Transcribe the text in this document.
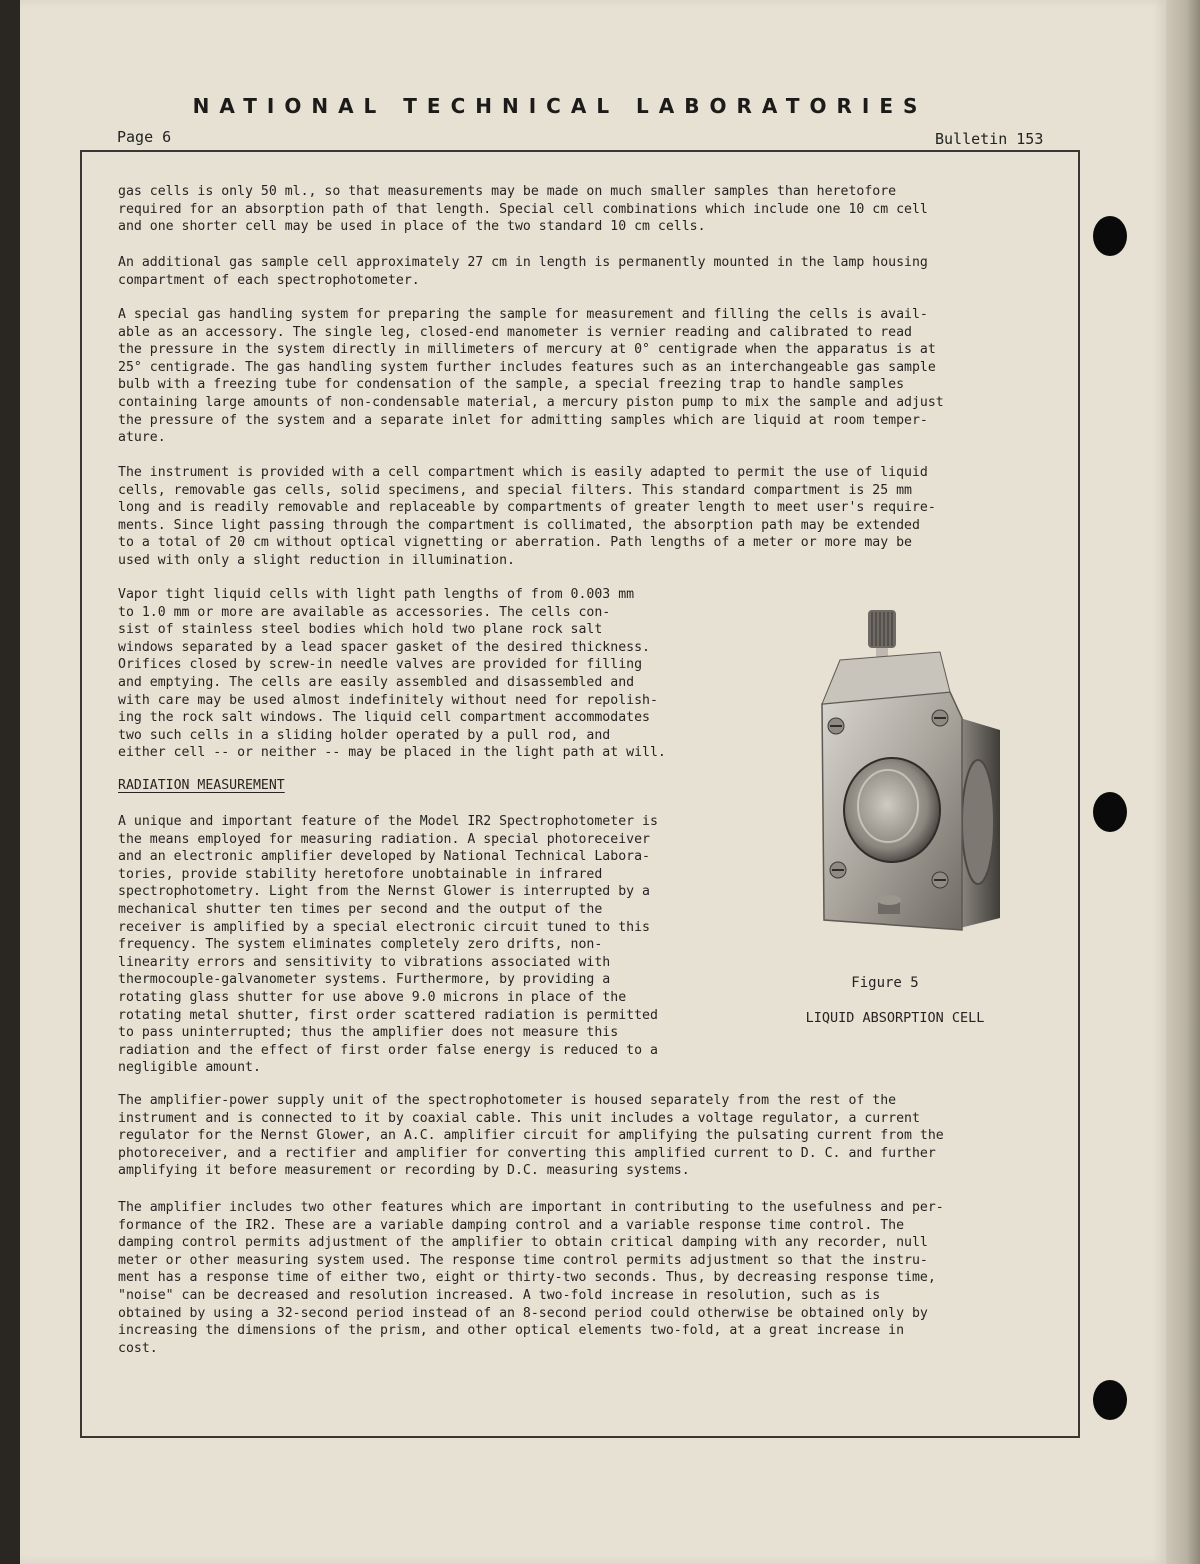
NATIONAL TECHNICAL LABORATORIES
Page 6	Bulletin 153

gas cells is only 50 ml., so that measurements may be made on much smaller samples than heretofore
required for an absorption path of that length. Special cell combinations which include one 10 cm cell
and one shorter cell may be used in place of the two standard 10 cm cells.

An additional gas sample cell approximately 27 cm in length is permanently mounted in the lamp housing
compartment of each spectrophotometer.

A special gas handling system for preparing the sample for measurement and filling the cells is avail-
able as an accessory. The single leg, closed-end manometer is vernier reading and calibrated to read
the pressure in the system directly in millimeters of mercury at 0° centigrade when the apparatus is at
25° centigrade. The gas handling system further includes features such as an interchangeable gas sample
bulb with a freezing tube for condensation of the sample, a special freezing trap to handle samples
containing large amounts of non-condensable material, a mercury piston pump to mix the sample and adjust
the pressure of the system and a separate inlet for admitting samples which are liquid at room temper-
ature.

The instrument is provided with a cell compartment which is easily adapted to permit the use of liquid
cells, removable gas cells, solid specimens, and special filters. This standard compartment is 25 mm
long and is readily removable and replaceable by compartments of greater length to meet user's require-
ments. Since light passing through the compartment is collimated, the absorption path may be extended
to a total of 20 cm without optical vignetting or aberration. Path lengths of a meter or more may be
used with only a slight reduction in illumination.

Vapor tight liquid cells with light path lengths of from 0.003 mm
to 1.0 mm or more are available as accessories. The cells con-
sist of stainless steel bodies which hold two plane rock salt
windows separated by a lead spacer gasket of the desired thickness.
Orifices closed by screw-in needle valves are provided for filling
and emptying. The cells are easily assembled and disassembled and
with care may be used almost indefinitely without need for repolish-
ing the rock salt windows. The liquid cell compartment accommodates
two such cells in a sliding holder operated by a pull rod, and
either cell -- or neither -- may be placed in the light path at will.

RADIATION MEASUREMENT

A unique and important feature of the Model IR2 Spectrophotometer is
the means employed for measuring radiation. A special photoreceiver
and an electronic amplifier developed by National Technical Labora-
tories, provide stability heretofore unobtainable in infrared
spectrophotometry. Light from the Nernst Glower is interrupted by a
mechanical shutter ten times per second and the output of the
receiver is amplified by a special electronic circuit tuned to this
frequency. The system eliminates completely zero drifts, non-
linearity errors and sensitivity to vibrations associated with
thermocouple-galvanometer systems. Furthermore, by providing a
rotating glass shutter for use above 9.0 microns in place of the
rotating metal shutter, first order scattered radiation is permitted
to pass uninterrupted; thus the amplifier does not measure this
radiation and the effect of first order false energy is reduced to a
negligible amount.

The amplifier-power supply unit of the spectrophotometer is housed separately from the rest of the
instrument and is connected to it by coaxial cable. This unit includes a voltage regulator, a current
regulator for the Nernst Glower, an A.C. amplifier circuit for amplifying the pulsating current from the
photoreceiver, and a rectifier and amplifier for converting this amplified current to D. C. and further
amplifying it before measurement or recording by D.C. measuring systems.

The amplifier includes two other features which are important in contributing to the usefulness and per-
formance of the IR2. These are a variable damping control and a variable response time control. The
damping control permits adjustment of the amplifier to obtain critical damping with any recorder, null
meter or other measuring system used. The response time control permits adjustment so that the instru-
ment has a response time of either two, eight or thirty-two seconds. Thus, by decreasing response time,
"noise" can be decreased and resolution increased. A two-fold increase in resolution, such as is
obtained by using a 32-second period instead of an 8-second period could otherwise be obtained only by
increasing the dimensions of the prism, and other optical elements two-fold, at a great increase in
cost.

Figure 5
LIQUID ABSORPTION CELL
